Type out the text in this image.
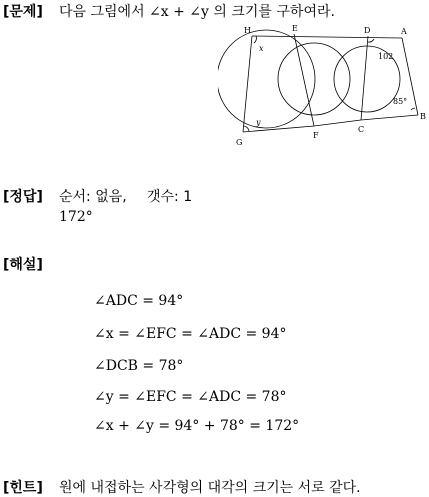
[문제] 다음 그림에서 ∠x + ∠y 의 크기를 구하여라.
H	E	D	A
G
F
C
B
x
102
85°
y
[정답] 순서: 없음, 갯수: 1
172°
[해설]
∠ADC = 94°
∠x = ∠EFC = ∠ADC = 94°
∠DCB = 78°
∠y = ∠EFC = ∠ADC = 78°
∠x + ∠y = 94° + 78° = 172°
[힌트] 원에 내접하는 사각형의 대각의 크기는 서로 같다.
